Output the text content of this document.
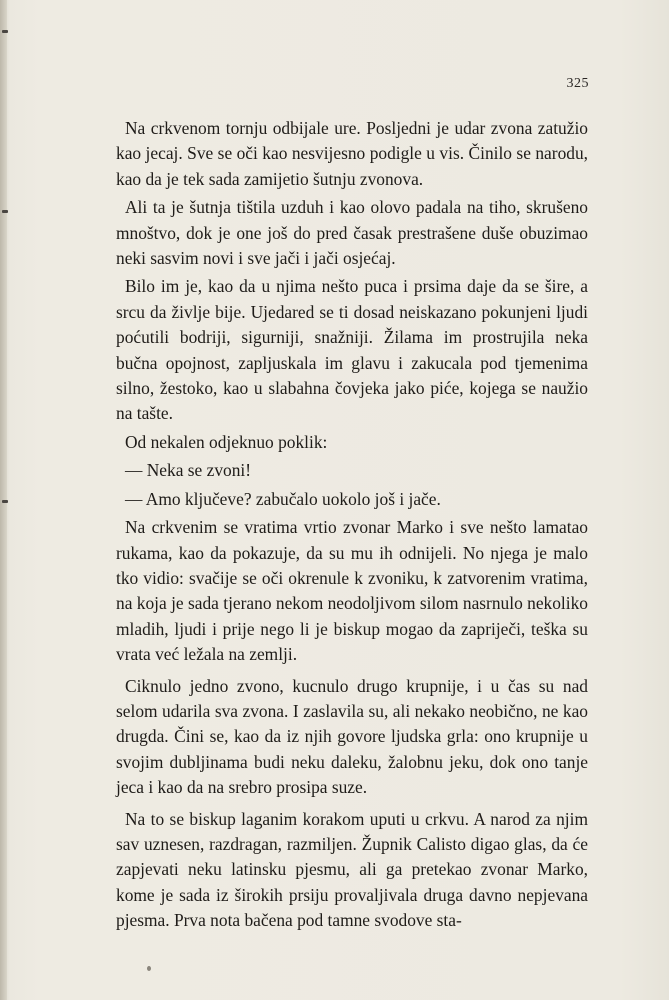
325

Na crkvenom tornju odbijale ure. Posljedni je udar zvona zatužio kao jecaj. Sve se oči kao nesvijesno podigle u vis. Činilo se narodu, kao da je tek sada zamijetio šutnju zvonova.

Ali ta je šutnja tištila uzduh i kao olovo padala na tiho, skrušeno mnoštvo, dok je one još do pred časak prestrašene duše obuzimao neki sasvim novi i sve jači i jači osjećaj.

Bilo im je, kao da u njima nešto puca i prsima daje da se šire, a srcu da življe bije. Ujedared se ti dosad neiskazano pokunjeni ljudi poćutili bodriji, sigurniji, snažniji. Žilama im prostrujila neka bučna opojnost, zapljuskala im glavu i zakucala pod tjemenima silno, žestoko, kao u slabahna čovjeka jako piće, kojega se naužio na tašte.

Od nekalen odjeknuo poklik:

— Neka se zvoni!

— Amo ključeve? zabučalo uokolo još i jače.

Na crkvenim se vratima vrtio zvonar Marko i sve nešto lamatao rukama, kao da pokazuje, da su mu ih odnijeli. No njega je malo tko vidio: svačije se oči okrenule k zvoniku, k zatvorenim vratima, na koja je sada tjerano nekom neodoljivom silom nasrnulo nekoliko mladih, ljudi i prije nego li je biskup mogao da zapriječi, teška su vrata već ležala na zemlji.

Ciknulo jedno zvono, kucnulo drugo krupnije, i u čas su nad selom udarila sva zvona. I zaslavila su, ali nekako neobično, ne kao drugda. Čini se, kao da iz njih govore ljudska grla: ono krupnije u svojim dubljinama budi neku daleku, žalobnu jeku, dok ono tanje jeca i kao da na srebro prosipa suze.

Na to se biskup laganim korakom uputi u crkvu. A narod za njim sav uznesen, razdragan, razmiljen. Župnik Calisto digao glas, da će zapjevati neku latinsku pjesmu, ali ga pretekao zvonar Marko, kome je sada iz širokih prsiju provaljivala druga davno nepjevana pjesma. Prva nota bačena pod tamne svodove sta-
